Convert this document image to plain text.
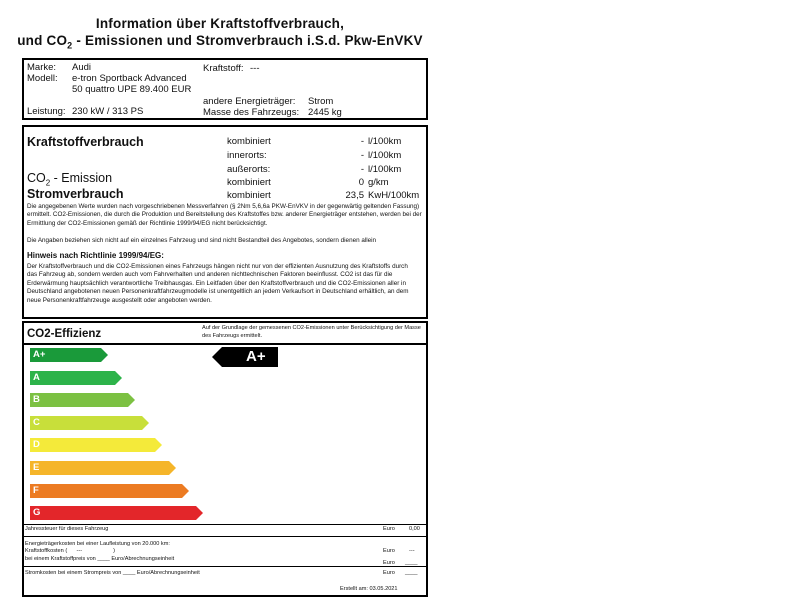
Information über Kraftstoffverbrauch,
und $CO_2$ - Emissionen und Stromverbrauch i.S.d. Pkw-EnVKV
Marke: Audi
Modell: e-tron Sportback Advanced
50 quattro UPE 89.400 EUR
Leistung: 230 kW / 313 PS
Kraftstoff: ---
andere Energieträger: Strom
Masse des Fahrzeugs: 2445 kg
Kraftstoffverbrauch
$CO_2$ - Emission
Stromverbrauch
kombiniert	- l/100km
innerorts:	- l/100km
außerorts:	- l/100km
kombiniert	0 g/km
kombiniert	23,5 KwH/100km
Die angegebenen Werte wurden nach vorgeschriebenen Messverfahren (§ 2Nm 5,6,6a PKW-EnVKV in der gegenwärtig geltenden Fassung) ermittelt. CO2-Emissionen, die durch die Produktion und Bereitstellung des Kraftstoffes bzw. anderer Energieträger entstehen, werden bei der Ermittlung der CO2-Emissionen gemäß der Richtlinie 1999/94/EG nicht berücksichtigt.
Die Angaben beziehen sich nicht auf ein einzelnes Fahrzeug und sind nicht Bestandteil des Angebotes, sondern dienen allein
Hinweis nach Richtlinie 1999/94/EG:
Der Kraftstoffverbrauch und die CO2-Emissionen eines Fahrzeugs hängen nicht nur von der effizienten Ausnutzung des Kraftstoffs durch das Fahrzeug ab, sondern werden auch vom Fahrverhalten und anderen nichttechnischen Faktoren beeinflusst. CO2 ist das für die Erderwärmung hauptsächlich verantwortliche Treibhausgas. Ein Leitfaden über den Kraftstoffverbrauch und die CO2-Emissionen aller in Deutschland angebotenen neuen Personenkraftfahrzeugmodelle ist unentgeltlich an jedem Verkaufsort in Deutschland erhältlich, an dem neue Personenkraftfahrzeuge ausgestellt oder angeboten werden.
CO2-Effizienz	Auf der Grundlage der gemessenen CO2-Emissionen unter Berücksichtigung der Masse des Fahrzeugs ermittelt.
A+
A
B
C
D
E
F
G
A+
Jahressteuer für dieses Fahrzeug	Euro	0,00
Energieträgerkosten bei einer Laufleistung von 20.000 km:
Kraftstoffkosten (      ---                    )
bei einem Kraftstoffpreis von ____ Euro/Abrechnungseinheit
Euro	---
Euro ____
Stromkosten bei einem Strompreis von ____ Euro/Abrechnungseinheit	Euro ____
Erstellt am: 03.05.2021
